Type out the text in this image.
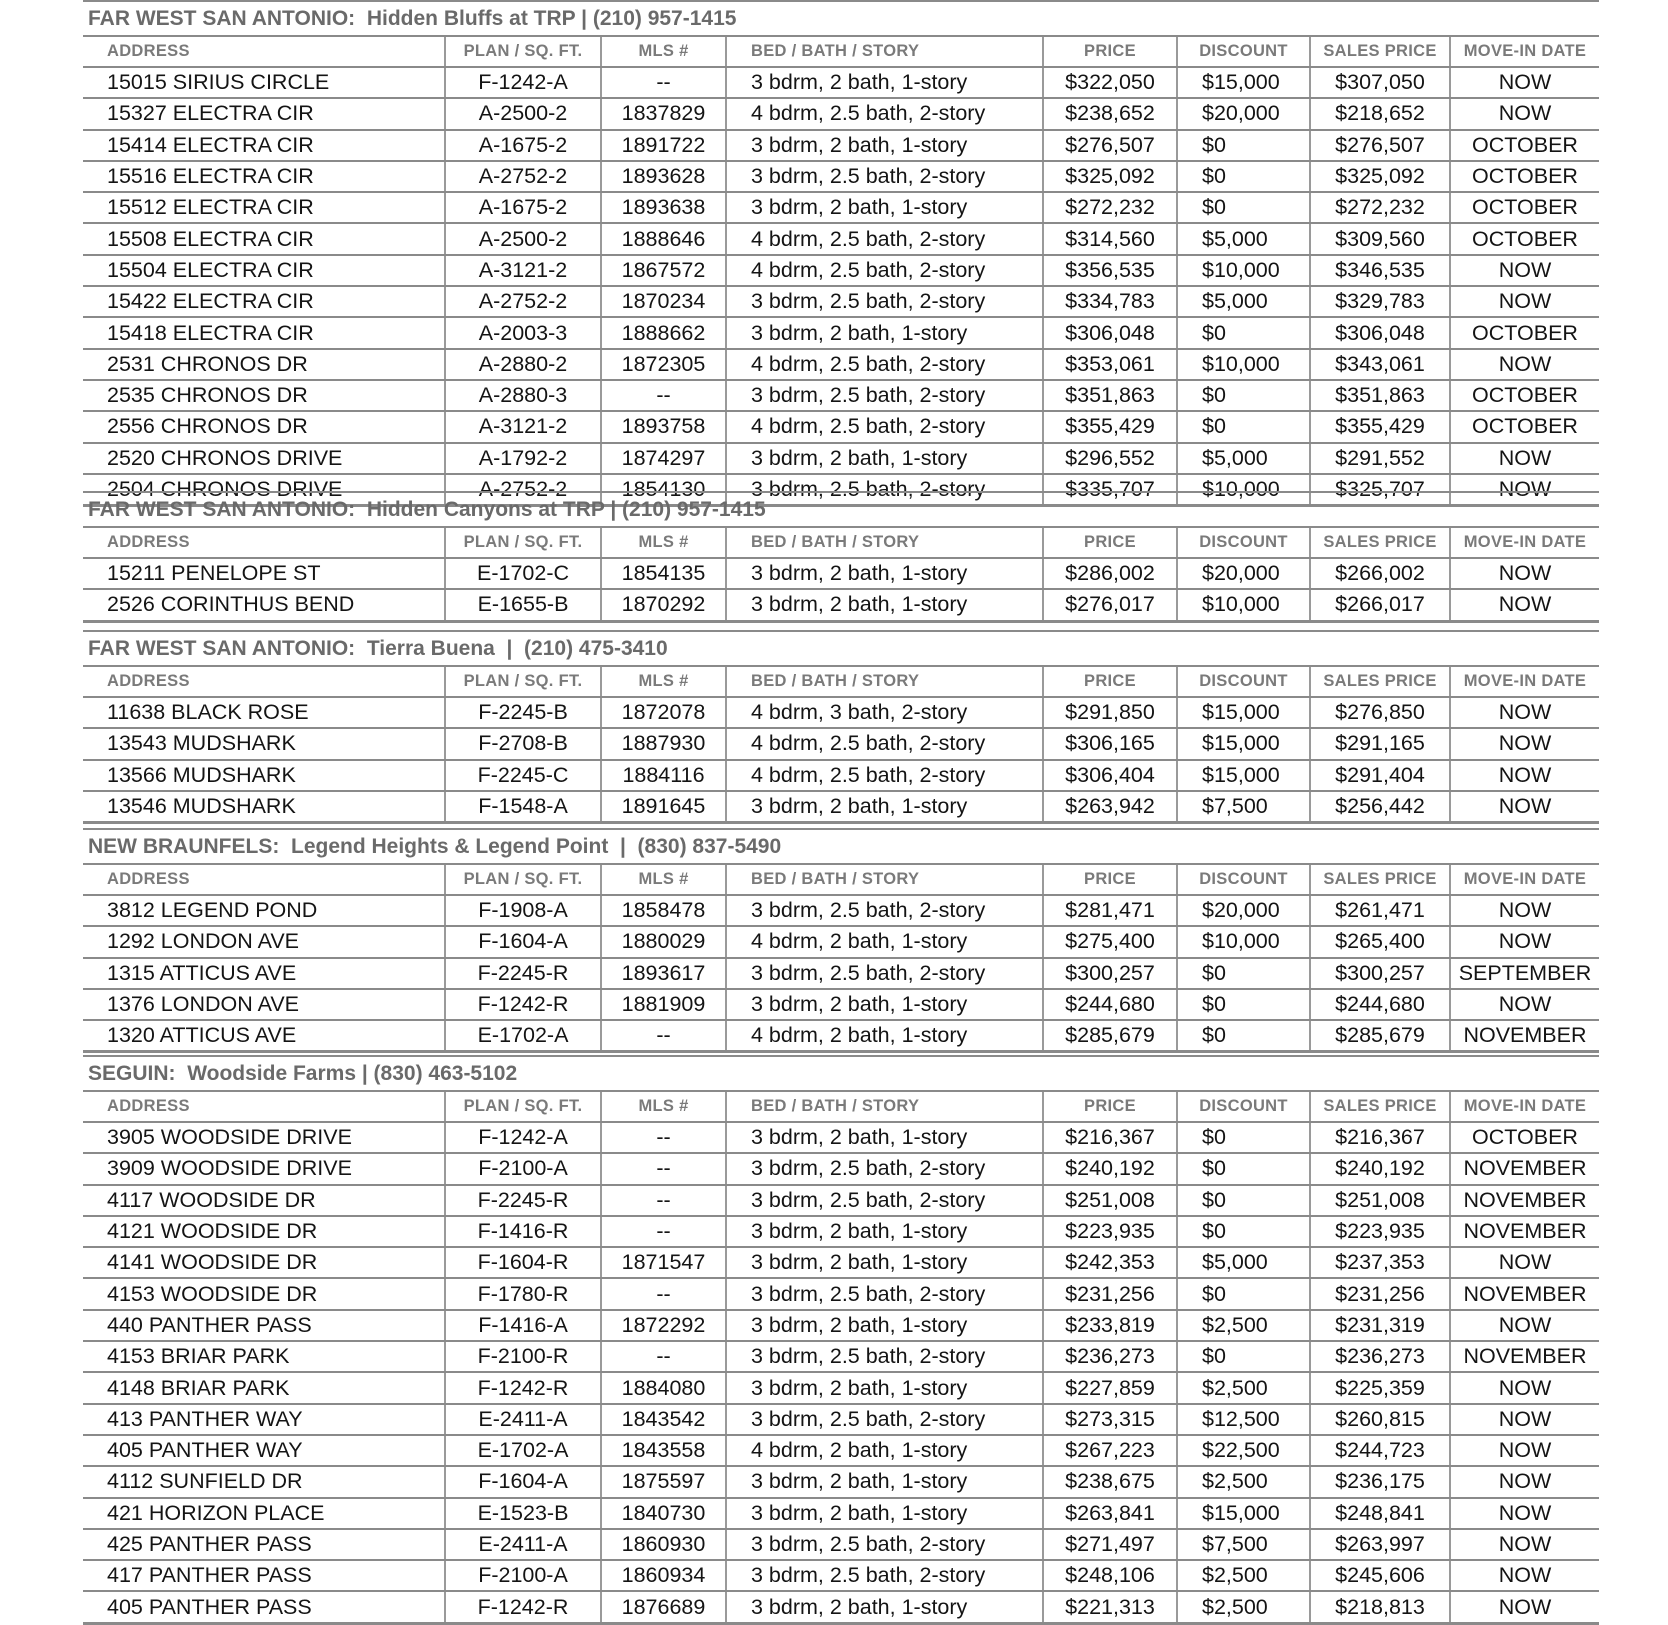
FAR WEST SAN ANTONIO: Hidden Bluffs at TRP | (210) 957-1415
ADDRESS	PLAN / SQ. FT.	MLS #	BED / BATH / STORY	PRICE	DISCOUNT	SALES PRICE	MOVE-IN DATE
15015 SIRIUS CIRCLE	F-1242-A	--	3 bdrm, 2 bath, 1-story	$322,050	$15,000	$307,050	NOW
15327 ELECTRA CIR	A-2500-2	1837829	4 bdrm, 2.5 bath, 2-story	$238,652	$20,000	$218,652	NOW
15414 ELECTRA CIR	A-1675-2	1891722	3 bdrm, 2 bath, 1-story	$276,507	$0	$276,507	OCTOBER
15516 ELECTRA CIR	A-2752-2	1893628	3 bdrm, 2.5 bath, 2-story	$325,092	$0	$325,092	OCTOBER
15512 ELECTRA CIR	A-1675-2	1893638	3 bdrm, 2 bath, 1-story	$272,232	$0	$272,232	OCTOBER
15508 ELECTRA CIR	A-2500-2	1888646	4 bdrm, 2.5 bath, 2-story	$314,560	$5,000	$309,560	OCTOBER
15504 ELECTRA CIR	A-3121-2	1867572	4 bdrm, 2.5 bath, 2-story	$356,535	$10,000	$346,535	NOW
15422 ELECTRA CIR	A-2752-2	1870234	3 bdrm, 2.5 bath, 2-story	$334,783	$5,000	$329,783	NOW
15418 ELECTRA CIR	A-2003-3	1888662	3 bdrm, 2 bath, 1-story	$306,048	$0	$306,048	OCTOBER
2531 CHRONOS DR	A-2880-2	1872305	4 bdrm, 2.5 bath, 2-story	$353,061	$10,000	$343,061	NOW
2535 CHRONOS DR	A-2880-3	--	3 bdrm, 2.5 bath, 2-story	$351,863	$0	$351,863	OCTOBER
2556 CHRONOS DR	A-3121-2	1893758	4 bdrm, 2.5 bath, 2-story	$355,429	$0	$355,429	OCTOBER
2520 CHRONOS DRIVE	A-1792-2	1874297	3 bdrm, 2 bath, 1-story	$296,552	$5,000	$291,552	NOW
2504 CHRONOS DRIVE	A-2752-2	1854130	3 bdrm, 2.5 bath, 2-story	$335,707	$10,000	$325,707	NOW
FAR WEST SAN ANTONIO: Hidden Canyons at TRP | (210) 957-1415
ADDRESS	PLAN / SQ. FT.	MLS #	BED / BATH / STORY	PRICE	DISCOUNT	SALES PRICE	MOVE-IN DATE
15211 PENELOPE ST	E-1702-C	1854135	3 bdrm, 2 bath, 1-story	$286,002	$20,000	$266,002	NOW
2526 CORINTHUS BEND	E-1655-B	1870292	3 bdrm, 2 bath, 1-story	$276,017	$10,000	$266,017	NOW
FAR WEST SAN ANTONIO: Tierra Buena  |  (210) 475-3410
ADDRESS	PLAN / SQ. FT.	MLS #	BED / BATH / STORY	PRICE	DISCOUNT	SALES PRICE	MOVE-IN DATE
11638 BLACK ROSE	F-2245-B	1872078	4 bdrm, 3 bath, 2-story	$291,850	$15,000	$276,850	NOW
13543 MUDSHARK	F-2708-B	1887930	4 bdrm, 2.5 bath, 2-story	$306,165	$15,000	$291,165	NOW
13566 MUDSHARK	F-2245-C	1884116	4 bdrm, 2.5 bath, 2-story	$306,404	$15,000	$291,404	NOW
13546 MUDSHARK	F-1548-A	1891645	3 bdrm, 2 bath, 1-story	$263,942	$7,500	$256,442	NOW
NEW BRAUNFELS: Legend Heights & Legend Point  |  (830) 837-5490
ADDRESS	PLAN / SQ. FT.	MLS #	BED / BATH / STORY	PRICE	DISCOUNT	SALES PRICE	MOVE-IN DATE
3812 LEGEND POND	F-1908-A	1858478	3 bdrm, 2.5 bath, 2-story	$281,471	$20,000	$261,471	NOW
1292 LONDON AVE	F-1604-A	1880029	4 bdrm, 2 bath, 1-story	$275,400	$10,000	$265,400	NOW
1315 ATTICUS AVE	F-2245-R	1893617	3 bdrm, 2.5 bath, 2-story	$300,257	$0	$300,257	SEPTEMBER
1376 LONDON AVE	F-1242-R	1881909	3 bdrm, 2 bath, 1-story	$244,680	$0	$244,680	NOW
1320 ATTICUS AVE	E-1702-A	--	4 bdrm, 2 bath, 1-story	$285,679	$0	$285,679	NOVEMBER
SEGUIN: Woodside Farms | (830) 463-5102
ADDRESS	PLAN / SQ. FT.	MLS #	BED / BATH / STORY	PRICE	DISCOUNT	SALES PRICE	MOVE-IN DATE
3905 WOODSIDE DRIVE	F-1242-A	--	3 bdrm, 2 bath, 1-story	$216,367	$0	$216,367	OCTOBER
3909 WOODSIDE DRIVE	F-2100-A	--	3 bdrm, 2.5 bath, 2-story	$240,192	$0	$240,192	NOVEMBER
4117 WOODSIDE DR	F-2245-R	--	3 bdrm, 2.5 bath, 2-story	$251,008	$0	$251,008	NOVEMBER
4121 WOODSIDE DR	F-1416-R	--	3 bdrm, 2 bath, 1-story	$223,935	$0	$223,935	NOVEMBER
4141 WOODSIDE DR	F-1604-R	1871547	3 bdrm, 2 bath, 1-story	$242,353	$5,000	$237,353	NOW
4153 WOODSIDE DR	F-1780-R	--	3 bdrm, 2.5 bath, 2-story	$231,256	$0	$231,256	NOVEMBER
440 PANTHER PASS	F-1416-A	1872292	3 bdrm, 2 bath, 1-story	$233,819	$2,500	$231,319	NOW
4153 BRIAR PARK	F-2100-R	--	3 bdrm, 2.5 bath, 2-story	$236,273	$0	$236,273	NOVEMBER
4148 BRIAR PARK	F-1242-R	1884080	3 bdrm, 2 bath, 1-story	$227,859	$2,500	$225,359	NOW
413 PANTHER WAY	E-2411-A	1843542	3 bdrm, 2.5 bath, 2-story	$273,315	$12,500	$260,815	NOW
405 PANTHER WAY	E-1702-A	1843558	4 bdrm, 2 bath, 1-story	$267,223	$22,500	$244,723	NOW
4112 SUNFIELD DR	F-1604-A	1875597	3 bdrm, 2 bath, 1-story	$238,675	$2,500	$236,175	NOW
421 HORIZON PLACE	E-1523-B	1840730	3 bdrm, 2 bath, 1-story	$263,841	$15,000	$248,841	NOW
425 PANTHER PASS	E-2411-A	1860930	3 bdrm, 2.5 bath, 2-story	$271,497	$7,500	$263,997	NOW
417 PANTHER PASS	F-2100-A	1860934	3 bdrm, 2.5 bath, 2-story	$248,106	$2,500	$245,606	NOW
405 PANTHER PASS	F-1242-R	1876689	3 bdrm, 2 bath, 1-story	$221,313	$2,500	$218,813	NOW
